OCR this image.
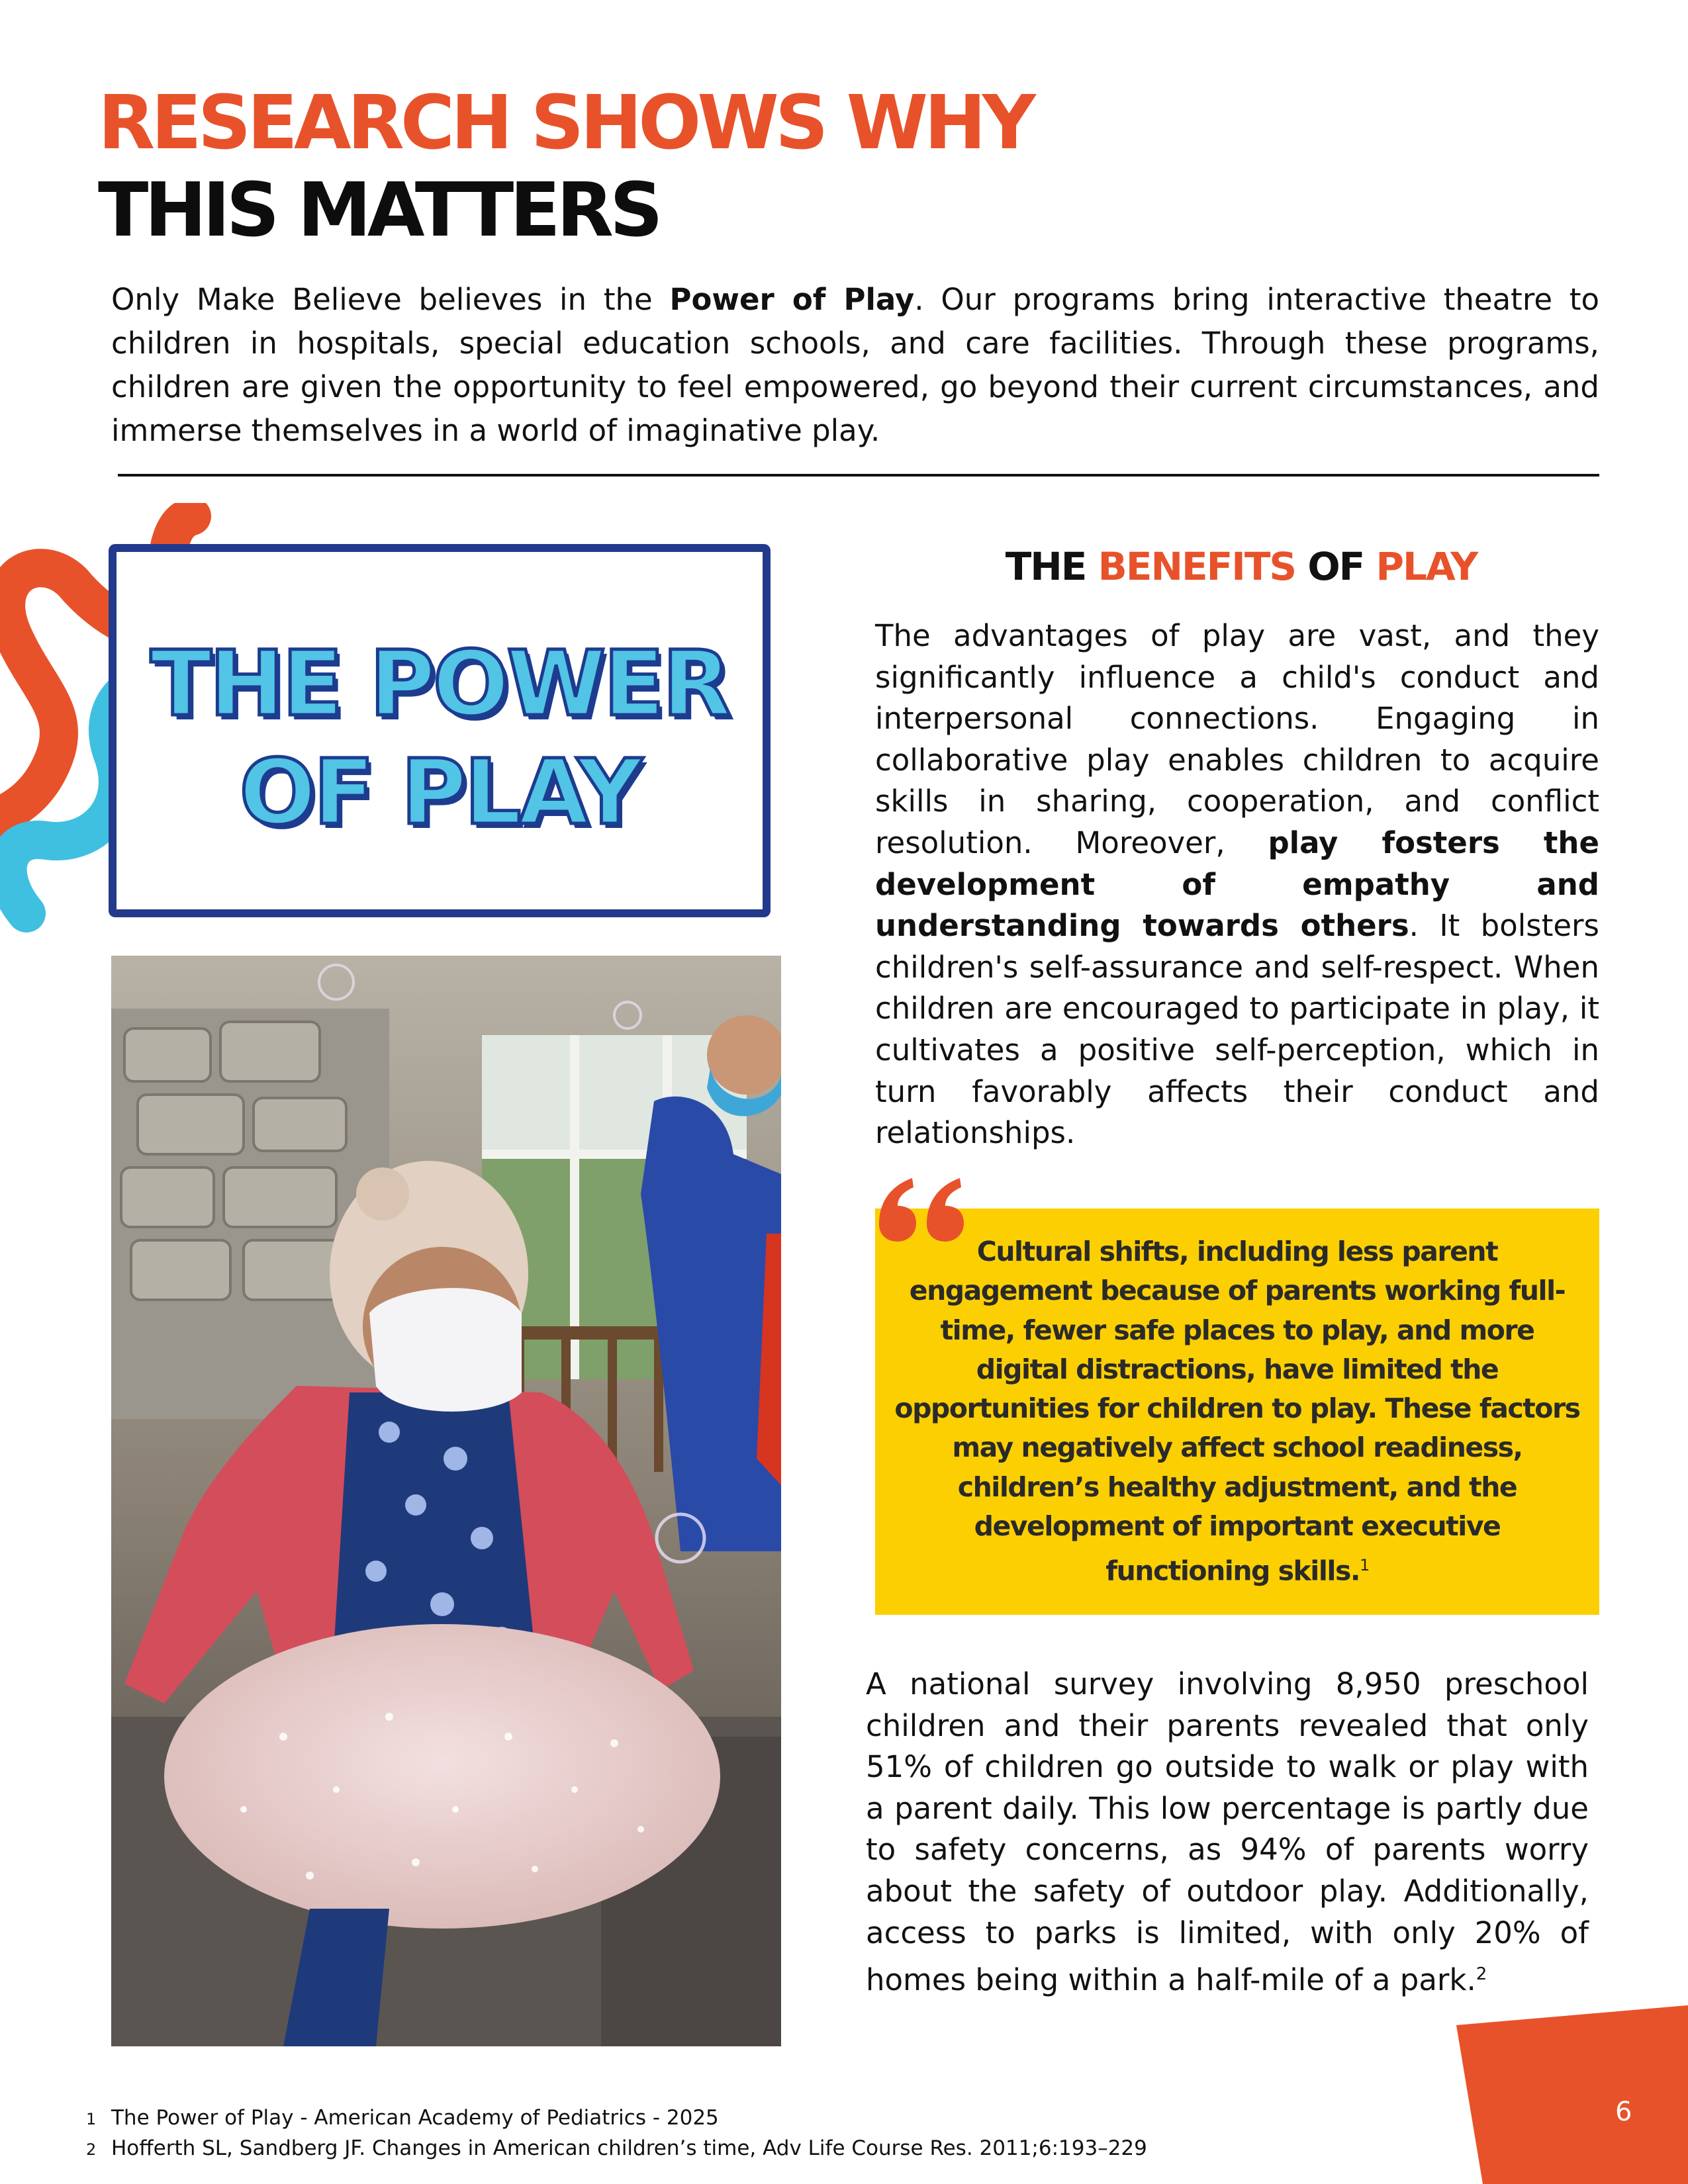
RESEARCH SHOWS WHY
THIS MATTERS

Only Make Believe believes in the Power of Play. Our programs bring interactive theatre to children in hospitals, special education schools, and care facilities. Through these programs, children are given the opportunity to feel empowered, go beyond their current circumstances, and immerse themselves in a world of imaginative play.

THE POWER
OF PLAY
THE BENEFITS OF PLAY

The advantages of play are vast, and they significantly influence a child's conduct and interpersonal connections. Engaging in collaborative play enables children to acquire skills in sharing, cooperation, and conflict resolution. Moreover, play fosters the development of empathy and understanding towards others. It bolsters children's self-assurance and self-respect. When children are encouraged to participate in play, it cultivates a positive self-perception, which in turn favorably affects their conduct and relationships.

Cultural shifts, including less parent engagement because of parents working full-time, fewer safe places to play, and more digital distractions, have limited the opportunities for children to play. These factors may negatively affect school readiness, children’s healthy adjustment, and the development of important executive functioning skills.$^1$

A national survey involving 8,950 preschool children and their parents revealed that only 51% of children go outside to walk or play with a parent daily. This low percentage is partly due to safety concerns, as 94% of parents worry about the safety of outdoor play. Additionally, access to parks is limited, with only 20% of homes being within a half-mile of a park.$^2$

6
1 The Power of Play - American Academy of Pediatrics - 2025
2 Hofferth SL, Sandberg JF. Changes in American children’s time, Adv Life Course Res. 2011;6:193–229
